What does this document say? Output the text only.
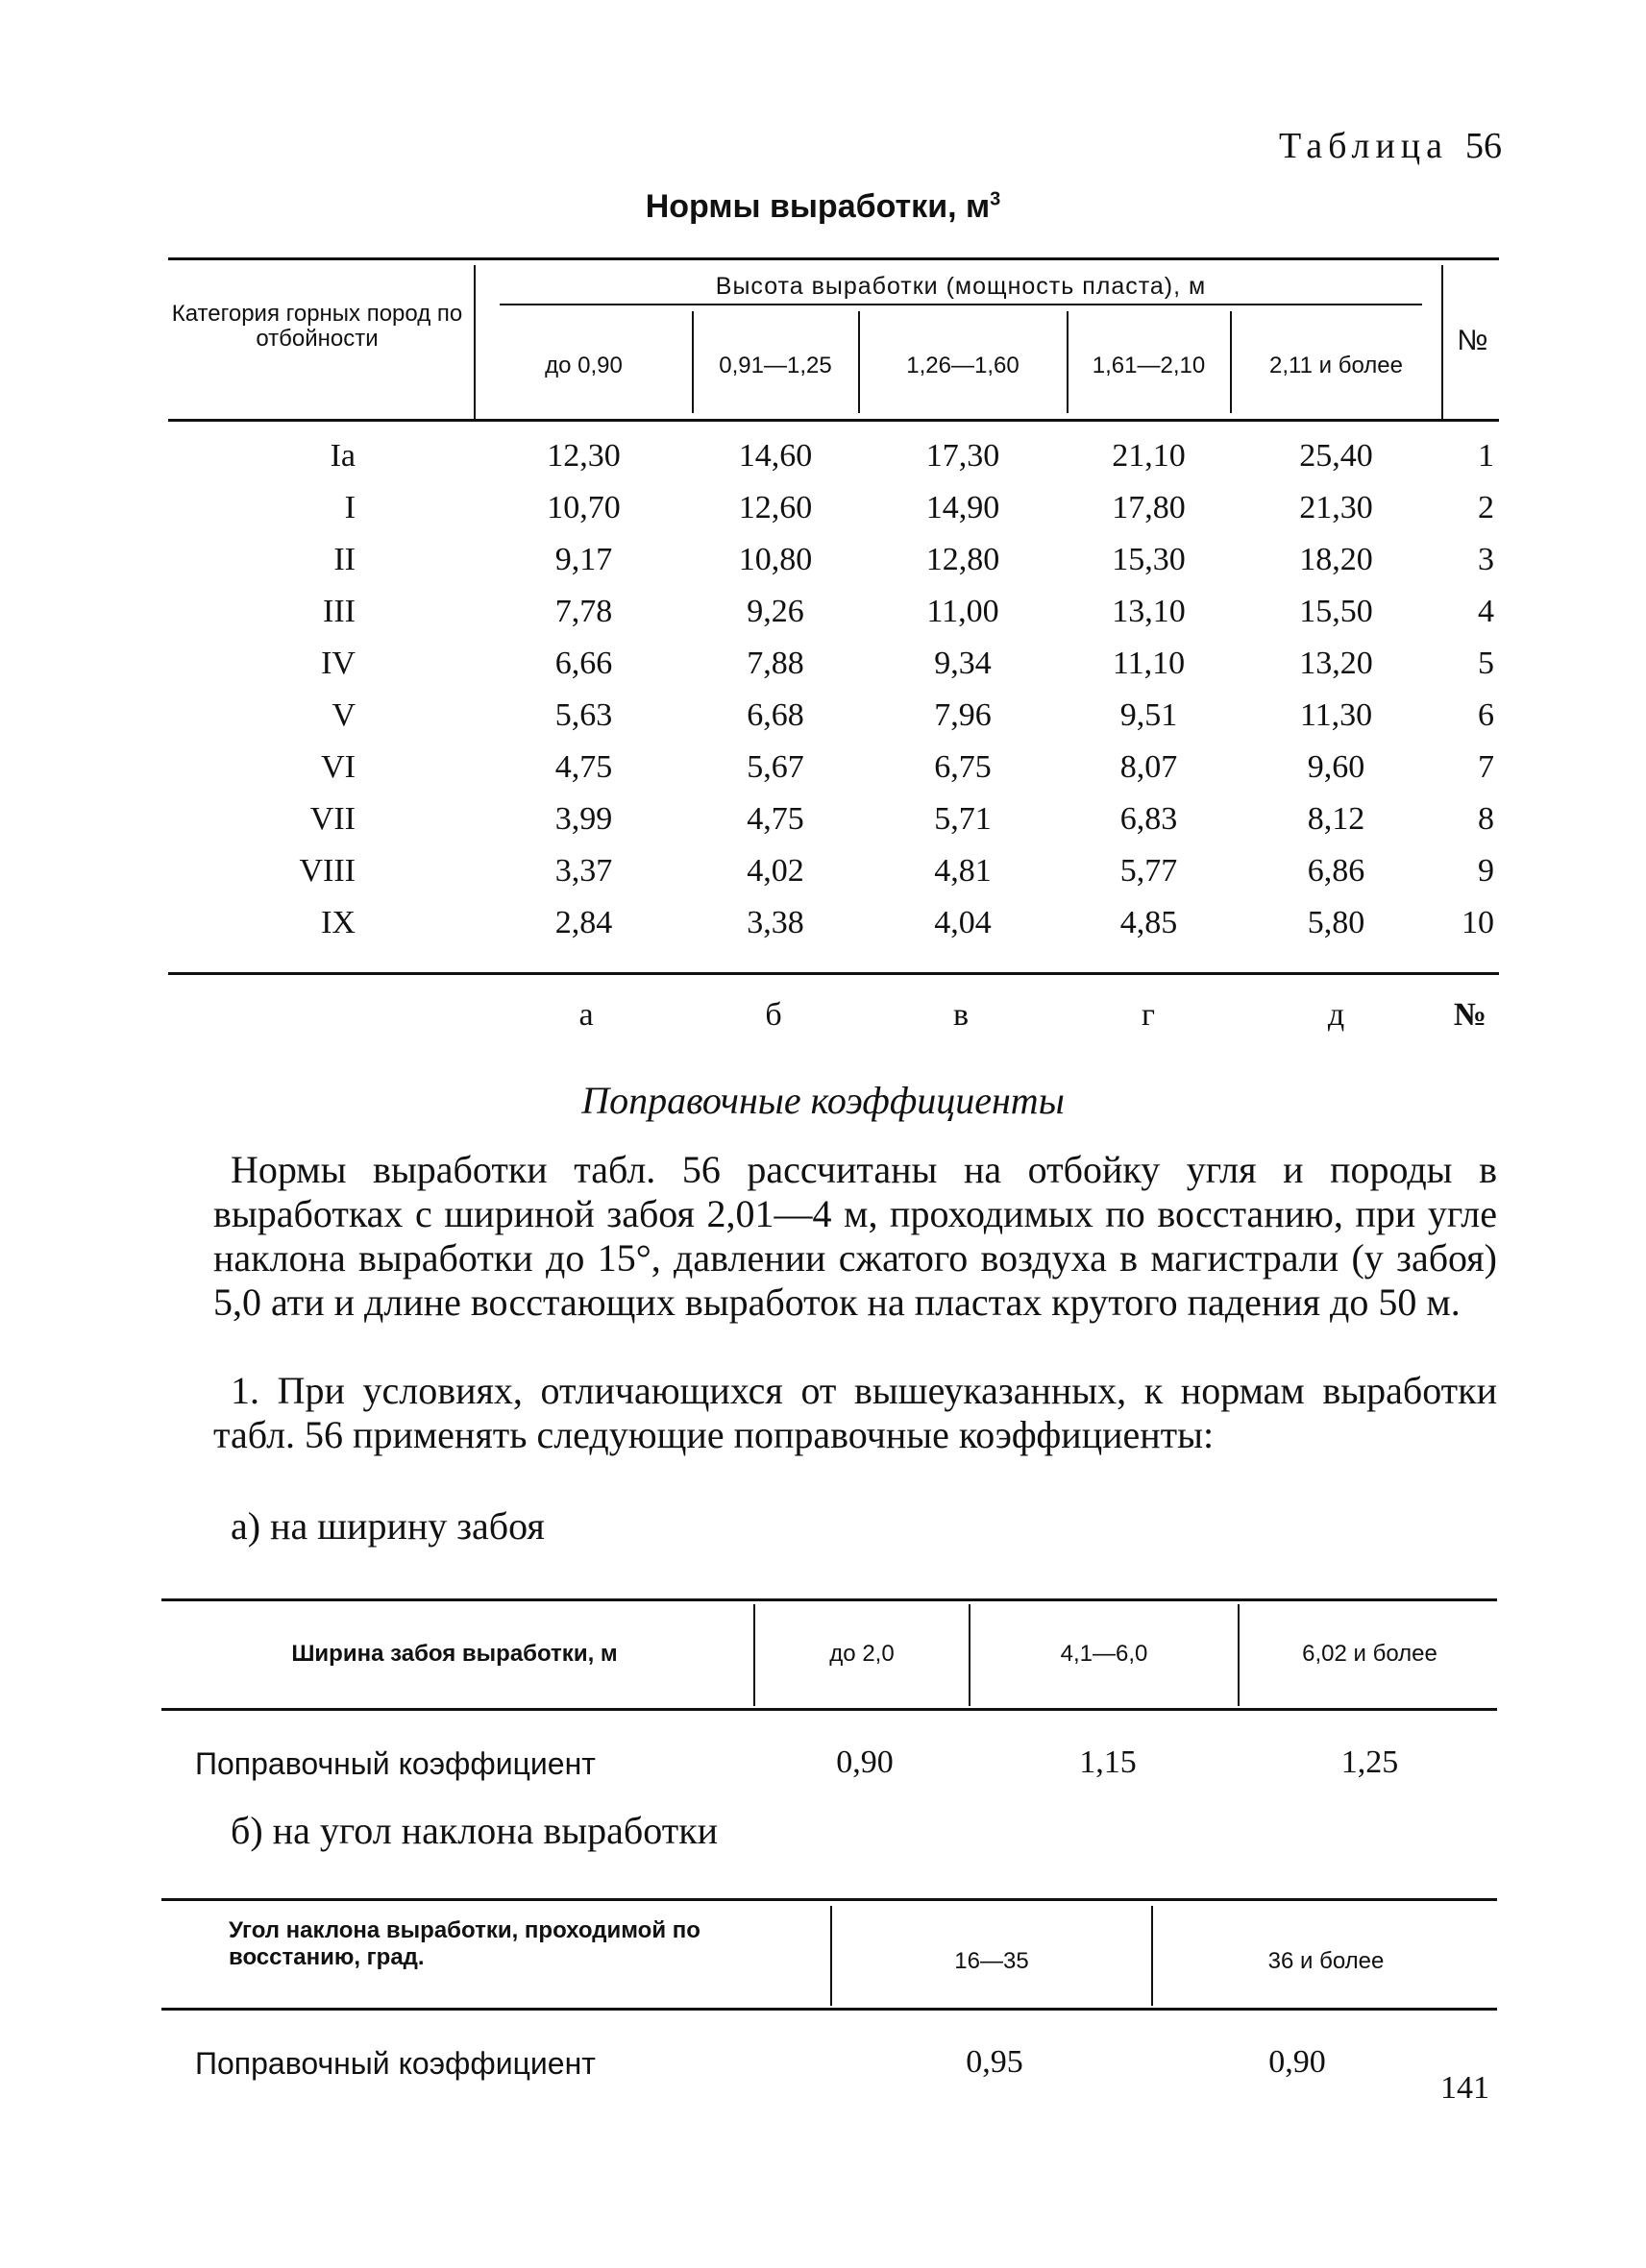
Таблица 56
Нормы выработки, $м^3$
Категория горных пород по отбойности
Высота выработки (мощность пласта), м
до 0,90	0,91—1,25	1,26—1,60	1,61—2,10	2,11 и более
№
Ia	12,30	14,60	17,30	21,10	25,40	1
I	10,70	12,60	14,90	17,80	21,30	2
II	9,17	10,80	12,80	15,30	18,20	3
III	7,78	9,26	11,00	13,10	15,50	4
IV	6,66	7,88	9,34	11,10	13,20	5
V	5,63	6,68	7,96	9,51	11,30	6
VI	4,75	5,67	6,75	8,07	9,60	7
VII	3,99	4,75	5,71	6,83	8,12	8
VIII	3,37	4,02	4,81	5,77	6,86	9
IX	2,84	3,38	4,04	4,85	5,80	10
а	б	в	г	д	№
Поправочные коэффициенты
Нормы выработки табл. 56 рассчитаны на отбойку угля и породы в выработках с шириной забоя 2,01—4 м, проходимых по восстанию, при угле наклона выработки до 15°, давлении сжатого воздуха в магистрали (у забоя) 5,0 ати и длине восстающих выработок на пластах крутого падения до 50 м.
1. При условиях, отличающихся от вышеуказанных, к нормам выработки табл. 56 применять следующие поправочные коэффициенты:
а) на ширину забоя
Ширина забоя выработки, м	до 2,0	4,1—6,0	6,02 и более
Поправочный коэффициент	0,90	1,15	1,25
б) на угол наклона выработки
Угол наклона выработки, проходимой по восстанию, град.	16—35	36 и более
Поправочный коэффициент	0,95	0,90
141
